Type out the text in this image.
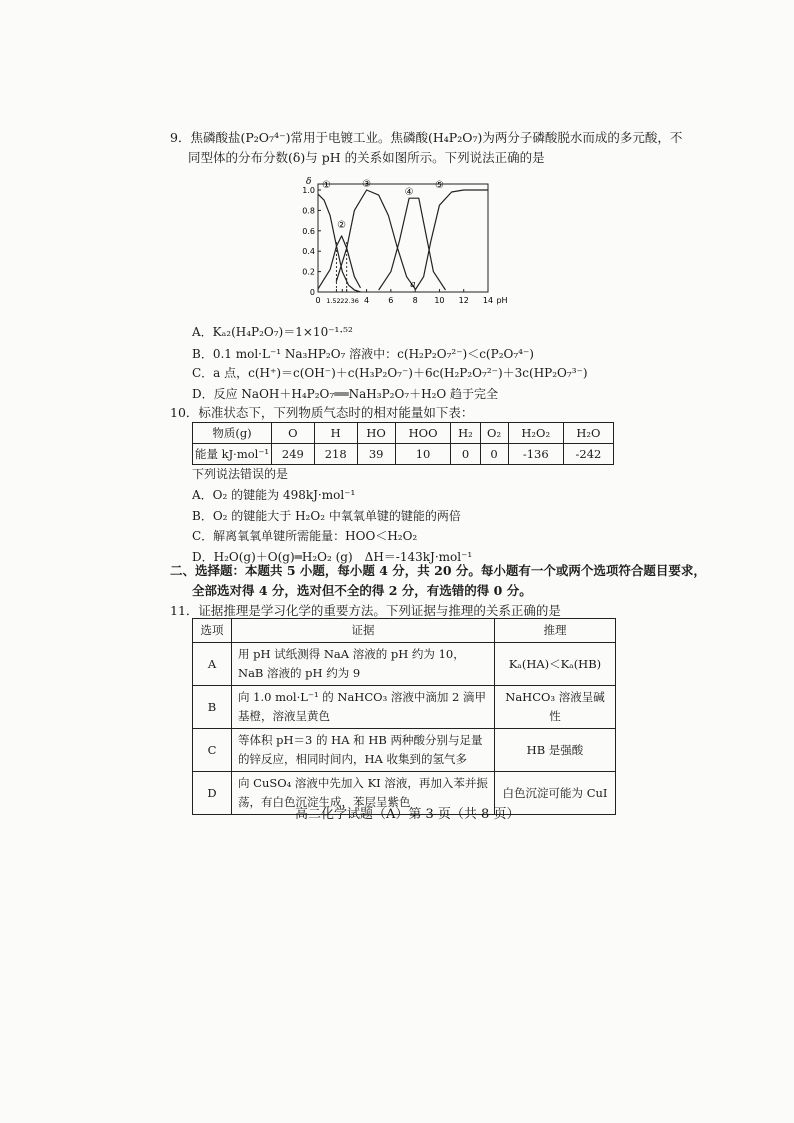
9．焦磷酸盐(P₂O₇⁴⁻)常用于电镀工业。焦磷酸(H₄P₂O₇)为两分子磷酸脱水而成的多元酸，不
同型体的分布分数(δ)与 pH 的关系如图所示。下列说法正确的是
0
0.2
0.4
0.6
0.8
1.0
δ
0 1.52 2 2.36 4 6 8 10 12 14 pH
①
②
③
④
⑤
a
A．Kₐ₂(H₄P₂O₇)＝1×10⁻¹·⁵²
B．0.1 mol·L⁻¹ Na₃HP₂O₇ 溶液中：c(H₂P₂O₇²⁻)＜c(P₂O₇⁴⁻)
C．a 点，c(H⁺)＝c(OH⁻)＋c(H₃P₂O₇⁻)＋6c(H₂P₂O₇²⁻)＋3c(HP₂O₇³⁻)
D．反应 NaOH＋H₄P₂O₇══NaH₃P₂O₇＋H₂O 趋于完全
10．标准状态下，下列物质气态时的相对能量如下表：
物质(g)	O	H	HO	HOO	H₂	O₂	H₂O₂	H₂O
能量 kJ·mol⁻¹	249	218	39	10	0	0	-136	-242
下列说法错误的是
A．O₂ 的键能为 498kJ·mol⁻¹
B．O₂ 的键能大于 H₂O₂ 中氧氧单键的键能的两倍
C．解离氧氧单键所需能量：HOO＜H₂O₂
D．H₂O(g)＋O(g)═H₂O₂ (g)　ΔH＝-143kJ·mol⁻¹
二、选择题：本题共 5 小题，每小题 4 分，共 20 分。每小题有一个或两个选项符合题目要求，
全部选对得 4 分，选对但不全的得 2 分，有选错的得 0 分。
11．证据推理是学习化学的重要方法。下列证据与推理的关系正确的是
选项	证据	推理
A	用 pH 试纸测得 NaA 溶液的 pH 约为 10，NaB 溶液的 pH 约为 9	Kₐ(HA)＜Kₐ(HB)
B	向 1.0 mol·L⁻¹ 的 NaHCO₃ 溶液中滴加 2 滴甲基橙，溶液呈黄色	NaHCO₃ 溶液呈碱性
C	等体积 pH＝3 的 HA 和 HB 两种酸分别与足量的锌反应，相同时间内，HA 收集到的氢气多	HB 是强酸
D	向 CuSO₄ 溶液中先加入 KI 溶液，再加入苯并振荡，有白色沉淀生成，苯层呈紫色	白色沉淀可能为 CuI
高二化学试题（A）第 3 页（共 8 页）
